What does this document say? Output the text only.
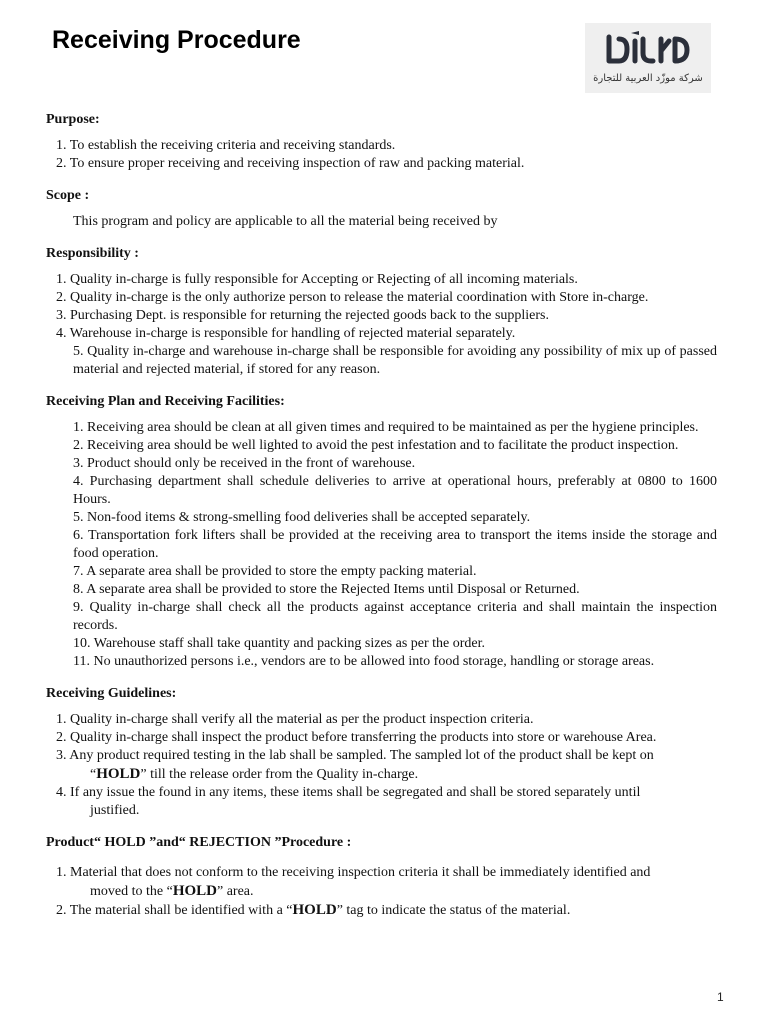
Receiving Procedure
شركة موزّد العربية للتجارة

Purpose:

1. To establish the receiving criteria and receiving standards.
2. To ensure proper receiving and receiving inspection of raw and packing material.

Scope :

This program and policy are applicable to all the material being received by

Responsibility :

1. Quality in-charge is fully responsible for Accepting or Rejecting of all incoming materials.
2. Quality in-charge is the only authorize person to release the material coordination with Store in-charge.
3. Purchasing Dept. is responsible for returning the rejected goods back to the suppliers.
4. Warehouse in-charge is responsible for handling of rejected material separately.
5. Quality in-charge and warehouse in-charge shall be responsible for avoiding any possibility of mix up of passed material and rejected material, if stored for any reason.

Receiving Plan and Receiving Facilities:

1. Receiving area should be clean at all given times and required to be maintained as per the hygiene principles.
2. Receiving area should be well lighted to avoid the pest infestation and to facilitate the product inspection.
3. Product should only be received in the front of warehouse.
4. Purchasing department shall schedule deliveries to arrive at operational hours, preferably at 0800 to 1600 Hours.
5. Non-food items & strong-smelling food deliveries shall be accepted separately.
6. Transportation fork lifters shall be provided at the receiving area to transport the items inside the storage and food operation.
7. A separate area shall be provided to store the empty packing material.
8. A separate area shall be provided to store the Rejected Items until Disposal or Returned.
9. Quality in-charge shall check all the products against acceptance criteria and shall maintain the inspection records.
10. Warehouse staff shall take quantity and packing sizes as per the order.
11. No unauthorized persons i.e., vendors are to be allowed into food storage, handling or storage areas.

Receiving Guidelines:

1. Quality in-charge shall verify all the material as per the product inspection criteria.
2. Quality in-charge shall inspect the product before transferring the products into store or warehouse Area.
3. Any product required testing in the lab shall be sampled. The sampled lot of the product shall be kept on
“HOLD” till the release order from the Quality in-charge.
4. If any issue the found in any items, these items shall be segregated and shall be stored separately until
justified.

Product“ HOLD ”and“ REJECTION ”Procedure :

1. Material that does not conform to the receiving inspection criteria it shall be immediately identified and
moved to the “HOLD” area.
2. The material shall be identified with a “HOLD” tag to indicate the status of the material.
1
